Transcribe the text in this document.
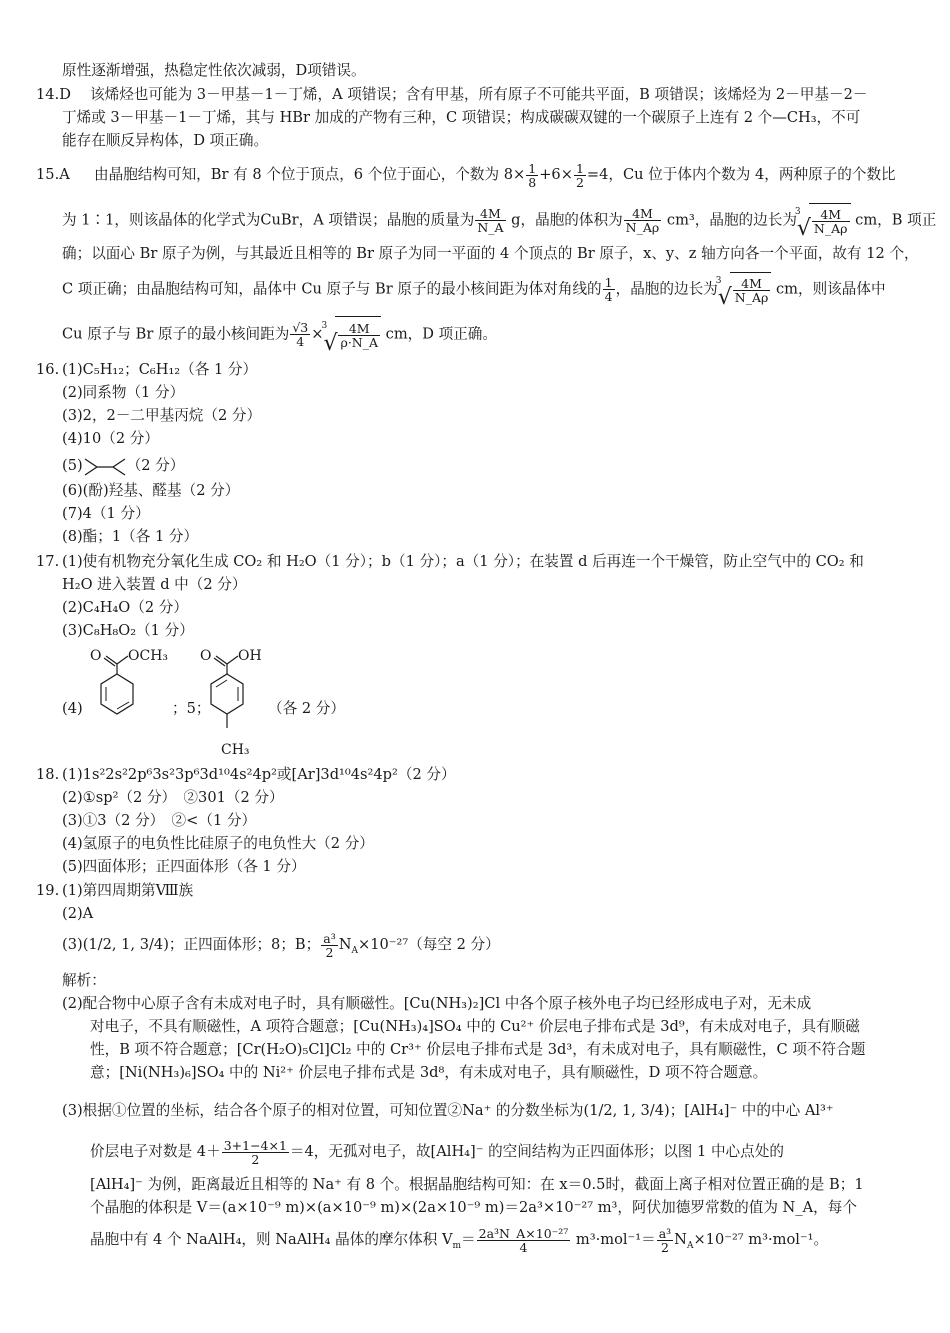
原性逐渐增强，热稳定性依次减弱，D项错误。
14.D 该烯烃也可能为 3－甲基－1－丁烯，A 项错误；含有甲基，所有原子不可能共平面，B 项错误；该烯烃为 2－甲基－2－
丁烯或 3－甲基－1－丁烯，其与 HBr 加成的产物有三种，C 项错误；构成碳碳双键的一个碳原子上连有 2 个—CH₃，不可
能存在顺反异构体，D 项正确。
15.A 由晶胞结构可知，Br 有 8 个位于顶点，6 个位于面心，个数为 $8\times \frac{1}{8} +6\times \frac{1}{2} =4$，Cu 位于体内个数为 4，两种原子的个数比
为 1∶1，则该晶体的化学式为CuBr，A 项错误；晶胞的质量为 $\frac{4M}{N\_A}$ g，晶胞的体积为 $\frac{4M}{N\_A\rho} cm^3$，晶胞的边长为
3
√ $\frac{4M}{N\_A\rho}$ cm，B 项正
确；以面心 Br 原子为例，与其最近且相等的 Br 原子为同一平面的 4 个顶点的 Br 原子，x、y、z 轴方向各一个平面，故有 12 个，
C 项正确；由晶胞结构可知，晶体中 Cu 原子与 Br 原子的最小核间距为体对角线的 $\frac{1}{4}$ ，晶胞的边长为
3
√ $\frac{4M}{N\_A\rho}$ cm，则该晶体中
Cu 原子与 Br 原子的最小核间距为 $\frac{√3}{4}$ ×
3
√ $\frac{4M}{\rho\cdot N\_A}$ cm，D 项正确。
16. (1)C₅H₁₂；C₆H₁₂（各 1 分）
(2)同系物（1 分）
(3)2，2－二甲基丙烷（2 分）
(4)10（2 分）
(5)	（2 分）
(6)(酚)羟基、醛基（2 分）
(7)4（1 分）
(8)酯；1（各 1 分）
17. (1)使有机物充分氧化生成 CO₂ 和 H₂O（1 分）；b（1 分）；a（1 分）；在装置 d 后再连一个干燥管，防止空气中的 CO₂ 和
H₂O 进入装置 d 中（2 分）
(2)C₄H₄O（2 分）
(3)C₈H₈O₂（1 分）
(4)
O OCH₃
；5；
O OH
CH₃
（各 2 分）
18. (1)1s²2s²2p⁶3s²3p⁶3d¹⁰4s²4p²或[Ar]3d¹⁰4s²4p²（2 分）
(2)①sp²（2 分）　②301（2 分）
(3)①3（2 分）　②<（1 分）
(4)氢原子的电负性比硅原子的电负性大（2 分）
(5)四面体形；正四面体形（各 1 分）
19. (1)第四周期第Ⅷ族
(2)A
(3)(1/2, 1, 3/4)；正四面体形；8；B； $\frac{\text{a³}}{2} N_A\times 10^{-27}$（每空 2 分）
解析：
(2)配合物中心原子含有未成对电子时，具有顺磁性。[Cu(NH₃)₂]Cl 中各个原子核外电子均已经形成电子对，无未成
对电子，不具有顺磁性，A 项符合题意；[Cu(NH₃)₄]SO₄ 中的 Cu²⁺ 价层电子排布式是 3d⁹，有未成对电子，具有顺磁
性，B 项不符合题意；[Cr(H₂O)₅Cl]Cl₂ 中的 Cr³⁺ 价层电子排布式是 3d³，有未成对电子，具有顺磁性，C 项不符合题
意；[Ni(NH₃)₆]SO₄ 中的 Ni²⁺ 价层电子排布式是 3d⁸，有未成对电子，具有顺磁性，D 项不符合题意。
(3)根据①位置的坐标，结合各个原子的相对位置，可知位置②Na⁺ 的分数坐标为(1/2, 1, 3/4)；[AlH₄]⁻ 中的中心 Al³⁺
价层电子对数是 $4+ \frac{3+1-4\times 1}{2} =4$，无孤对电子，故[AlH₄]⁻ 的空间结构为正四面体形；以图 1 中心点处的
[AlH₄]⁻ 为例，距离最近且相等的 Na⁺ 有 8 个。根据晶胞结构可知：在 x＝0.5时，截面上离子相对位置正确的是 B；1
个晶胞的体积是 V＝(a×10⁻⁹ m)×(a×10⁻⁹ m)×(2a×10⁻⁹ m)＝2a³×10⁻²⁷ m³，阿伏加德罗常数的值为 N_A，每个
晶胞中有 4 个 NaAlH₄，则 NaAlH₄ 晶体的摩尔体积 $V_m= \frac{\text{2a³N\_A×10⁻²⁷}}{4} m^3\cdot mol^{-1}= \frac{\text{a³}}{2} N_A\times 10^{-27}$ m³·mol⁻¹。
